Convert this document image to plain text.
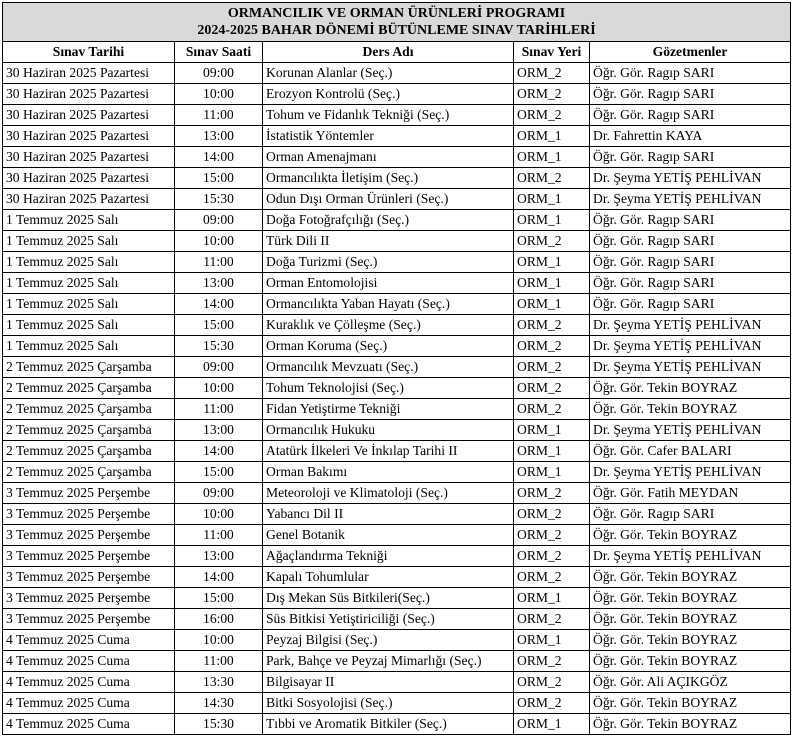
ORMANCILIK VE ORMAN ÜRÜNLERİ PROGRAMI
2024-2025 BAHAR DÖNEMİ BÜTÜNLEME SINAV TARİHLERİ				

Sınav Tarihi	Sınav Saati	Ders Adı	Sınav Yeri	Gözetmenler
30 Haziran 2025 Pazartesi	09:00	Korunan Alanlar (Seç.)	ORM_2	Öğr. Gör. Ragıp SARI
30 Haziran 2025 Pazartesi	10:00	Erozyon Kontrolü (Seç.)	ORM_2	Öğr. Gör. Ragıp SARI
30 Haziran 2025 Pazartesi	11:00	Tohum ve Fidanlık Tekniği (Seç.)	ORM_2	Öğr. Gör. Ragıp SARI
30 Haziran 2025 Pazartesi	13:00	İstatistik Yöntemler	ORM_1	Dr. Fahrettin KAYA
30 Haziran 2025 Pazartesi	14:00	Orman Amenajmanı	ORM_1	Öğr. Gör. Ragıp SARI
30 Haziran 2025 Pazartesi	15:00	Ormancılıkta İletişim (Seç.)	ORM_2	Dr. Şeyma YETİŞ PEHLİVAN
30 Haziran 2025 Pazartesi	15:30	Odun Dışı Orman Ürünleri (Seç.)	ORM_1	Dr. Şeyma YETİŞ PEHLİVAN
1 Temmuz 2025 Salı	09:00	Doğa Fotoğrafçılığı (Seç.)	ORM_1	Öğr. Gör. Ragıp SARI
1 Temmuz 2025 Salı	10:00	Türk Dili II	ORM_2	Öğr. Gör. Ragıp SARI
1 Temmuz 2025 Salı	11:00	Doğa Turizmi (Seç.)	ORM_1	Öğr. Gör. Ragıp SARI
1 Temmuz 2025 Salı	13:00	Orman Entomolojisi	ORM_1	Öğr. Gör. Ragıp SARI
1 Temmuz 2025 Salı	14:00	Ormancılıkta Yaban Hayatı (Seç.)	ORM_1	Öğr. Gör. Ragıp SARI
1 Temmuz 2025 Salı	15:00	Kuraklık ve Çölleşme (Seç.)	ORM_2	Dr. Şeyma YETİŞ PEHLİVAN
1 Temmuz 2025 Salı	15:30	Orman Koruma (Seç.)	ORM_2	Dr. Şeyma YETİŞ PEHLİVAN
2 Temmuz 2025 Çarşamba	09:00	Ormancılık Mevzuatı (Seç.)	ORM_2	Dr. Şeyma YETİŞ PEHLİVAN
2 Temmuz 2025 Çarşamba	10:00	Tohum Teknolojisi (Seç.)	ORM_2	Öğr. Gör. Tekin BOYRAZ
2 Temmuz 2025 Çarşamba	11:00	Fidan Yetiştirme Tekniği	ORM_2	Öğr. Gör. Tekin BOYRAZ
2 Temmuz 2025 Çarşamba	13:00	Ormancılık Hukuku	ORM_1	Dr. Şeyma YETİŞ PEHLİVAN
2 Temmuz 2025 Çarşamba	14:00	Atatürk İlkeleri Ve İnkılap Tarihi II	ORM_1	Öğr. Gör. Cafer BALARI
2 Temmuz 2025 Çarşamba	15:00	Orman Bakımı	ORM_1	Dr. Şeyma YETİŞ PEHLİVAN
3 Temmuz 2025 Perşembe	09:00	Meteoroloji ve Klimatoloji (Seç.)	ORM_2	Öğr. Gör. Fatih MEYDAN
3 Temmuz 2025 Perşembe	10:00	Yabancı Dil II	ORM_2	Öğr. Gör. Ragıp SARI
3 Temmuz 2025 Perşembe	11:00	Genel Botanik	ORM_2	Öğr. Gör. Tekin BOYRAZ
3 Temmuz 2025 Perşembe	13:00	Ağaçlandırma Tekniği	ORM_2	Dr. Şeyma YETİŞ PEHLİVAN
3 Temmuz 2025 Perşembe	14:00	Kapalı Tohumlular	ORM_2	Öğr. Gör. Tekin BOYRAZ
3 Temmuz 2025 Perşembe	15:00	Dış Mekan Süs Bitkileri(Seç.)	ORM_1	Öğr. Gör. Tekin BOYRAZ
3 Temmuz 2025 Perşembe	16:00	Süs Bitkisi Yetiştiriciliği (Seç.)	ORM_2	Öğr. Gör. Tekin BOYRAZ
4 Temmuz 2025 Cuma	10:00	Peyzaj Bilgisi (Seç.)	ORM_1	Öğr. Gör. Tekin BOYRAZ
4 Temmuz 2025 Cuma	11:00	Park, Bahçe ve Peyzaj Mimarlığı (Seç.)	ORM_2	Öğr. Gör. Tekin BOYRAZ
4 Temmuz 2025 Cuma	13:30	Bilgisayar II	ORM_2	Öğr. Gör. Ali AÇIKGÖZ
4 Temmuz 2025 Cuma	14:30	Bitki Sosyolojisi (Seç.)	ORM_2	Öğr. Gör. Tekin BOYRAZ
4 Temmuz 2025 Cuma	15:30	Tıbbi ve Aromatik Bitkiler (Seç.)	ORM_1	Öğr. Gör. Tekin BOYRAZ
